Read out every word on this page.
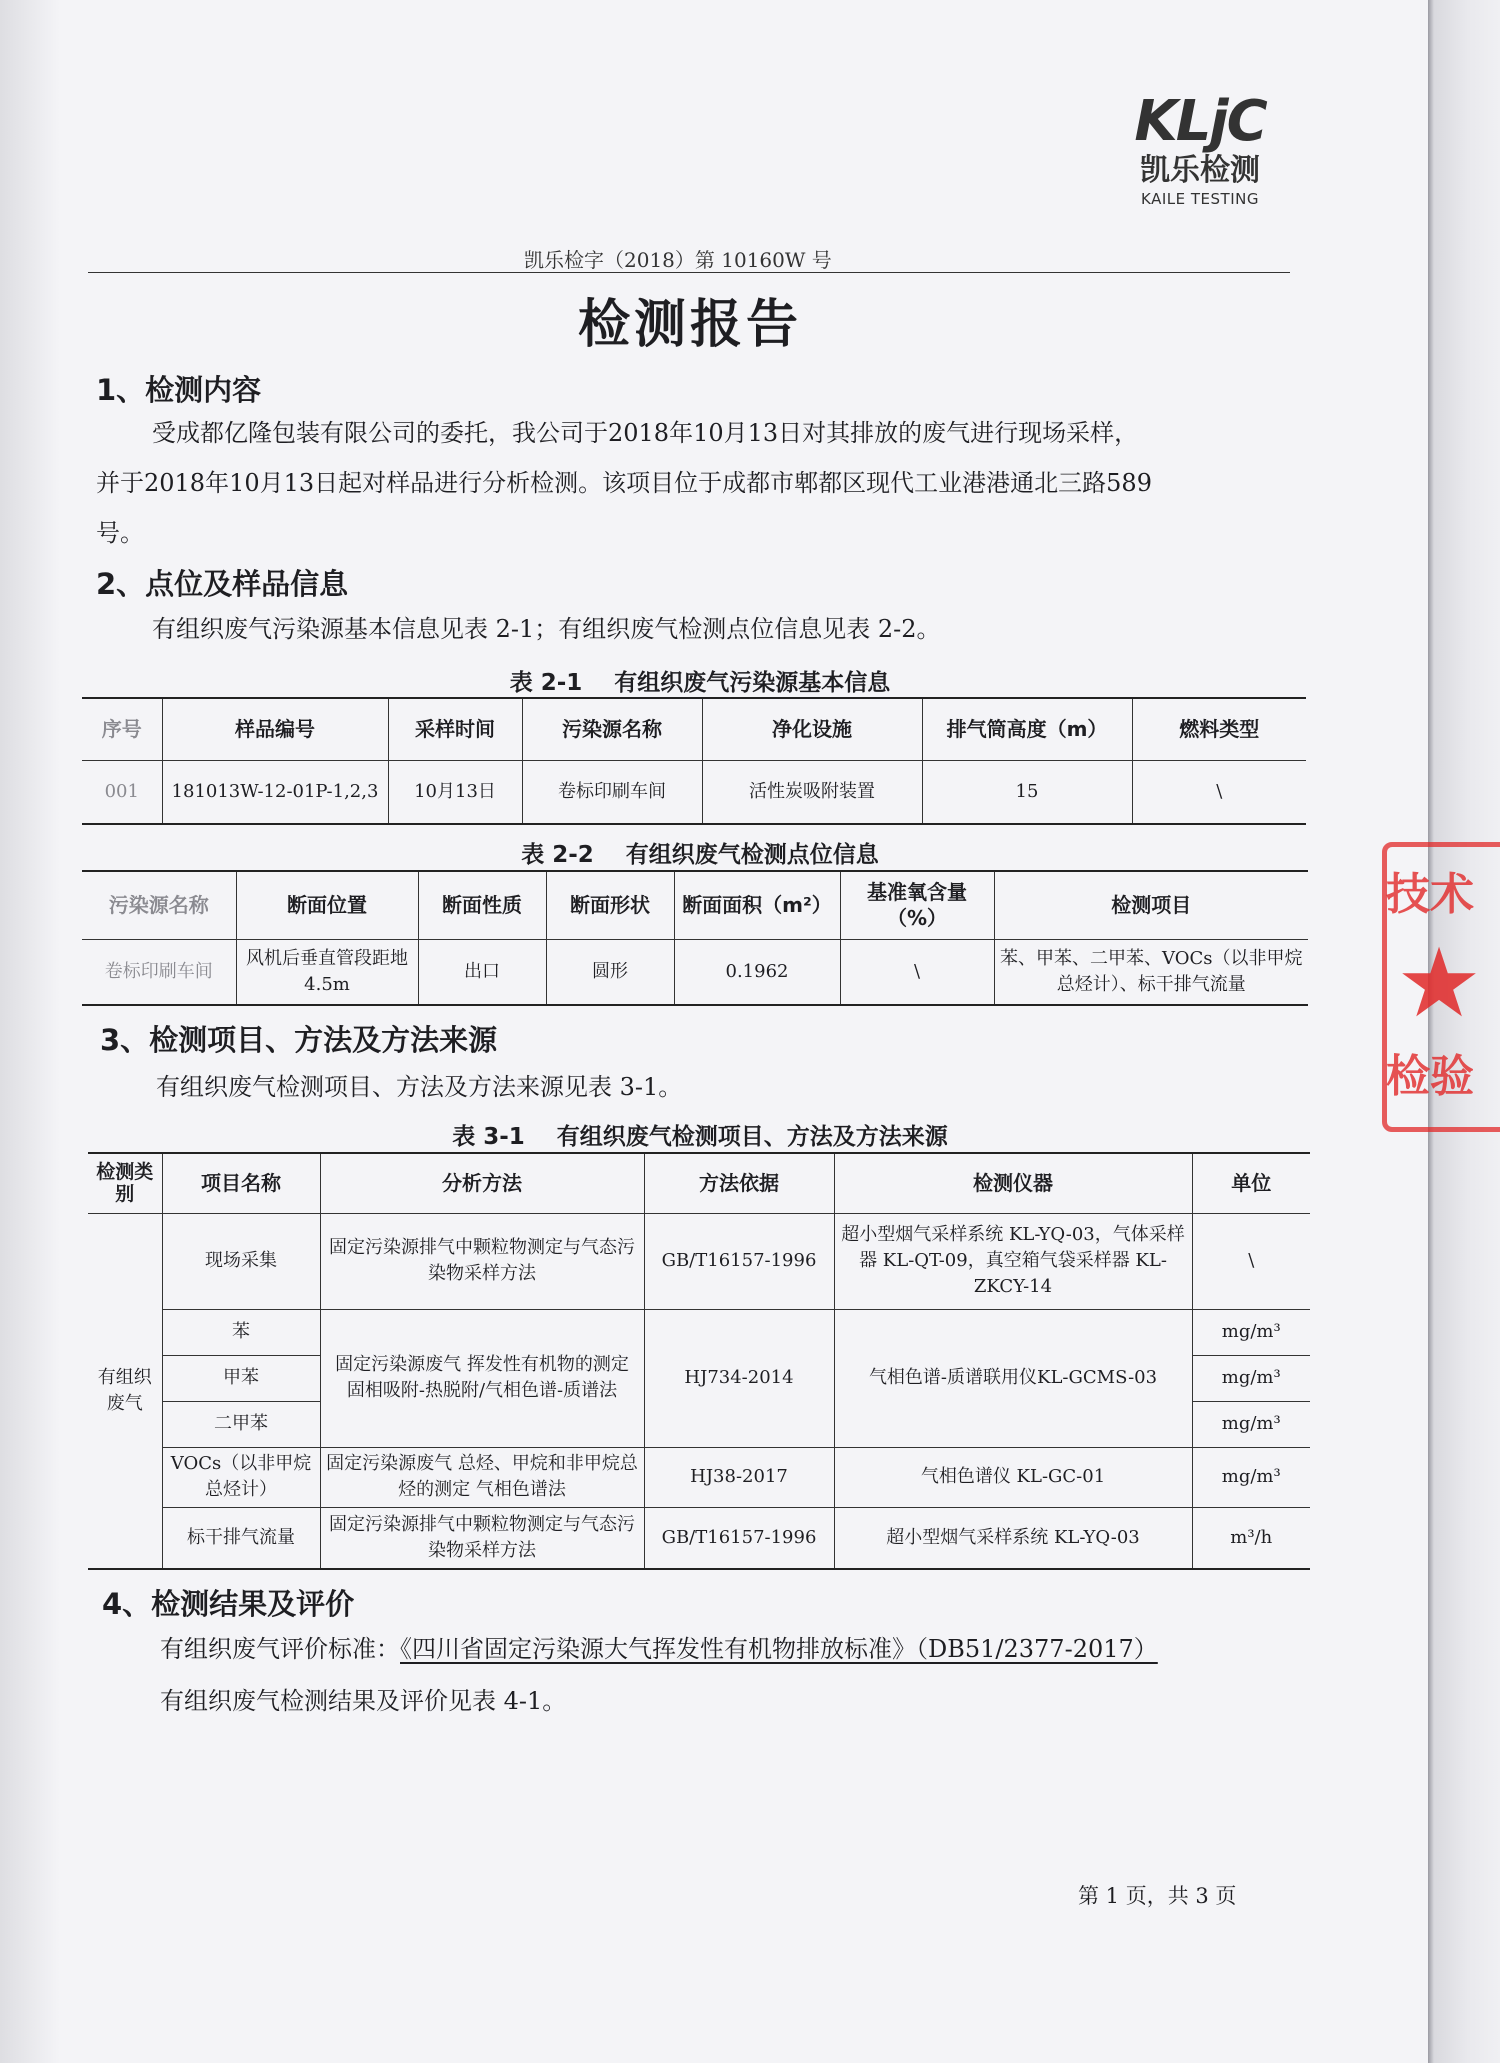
KLjC
凯乐检测
KAILE TESTING
凯乐检字（2018）第 10160W 号
检测报告
1、检测内容
受成都亿隆包装有限公司的委托，我公司于2018年10月13日对其排放的废气进行现场采样，
并于2018年10月13日起对样品进行分析检测。该项目位于成都市郫都区现代工业港港通北三路589
号。
2、点位及样品信息
有组织废气污染源基本信息见表 2-1；有组织废气检测点位信息见表 2-2。
表 2-1 有组织废气污染源基本信息
序号	样品编号	采样时间	污染源名称	净化设施	排气筒高度（m）	燃料类型
001	181013W-12-01P-1,2,3	10月13日	卷标印刷车间	活性炭吸附装置	15	\
表 2-2 有组织废气检测点位信息
污染源名称	断面位置	断面性质	断面形状	断面面积（m²）	基准氧含量（%）	检测项目
卷标印刷车间	风机后垂直管段距地 4.5m	出口	圆形	0.1962	\	苯、甲苯、二甲苯、VOCs（以非甲烷总烃计）、标干排气流量
3、检测项目、方法及方法来源
有组织废气检测项目、方法及方法来源见表 3-1。
表 3-1 有组织废气检测项目、方法及方法来源
检测类别	项目名称	分析方法	方法依据	检测仪器	单位
有组织废气	现场采集	固定污染源排气中颗粒物测定与气态污染物采样方法	GB/T16157-1996	超小型烟气采样系统 KL-YQ-03，气体采样器 KL-QT-09，真空箱气袋采样器 KL-ZKCY-14	\
	苯	固定污染源废气 挥发性有机物的测定 固相吸附-热脱附/气相色谱-质谱法	HJ734-2014	气相色谱-质谱联用仪KL-GCMS-03	mg/m³
	甲苯				mg/m³
	二甲苯				mg/m³
	VOCs（以非甲烷总烃计）	固定污染源废气 总烃、甲烷和非甲烷总烃的测定 气相色谱法	HJ38-2017	气相色谱仪 KL-GC-01	mg/m³
	标干排气流量	固定污染源排气中颗粒物测定与气态污染物采样方法	GB/T16157-1996	超小型烟气采样系统 KL-YQ-03	m³/h
4、检测结果及评价
有组织废气评价标准：《四川省固定污染源大气挥发性有机物排放标准》（DB51/2377-2017）
有组织废气检测结果及评价见表 4-1。
第 1 页，共 3 页
技术
★
检验
